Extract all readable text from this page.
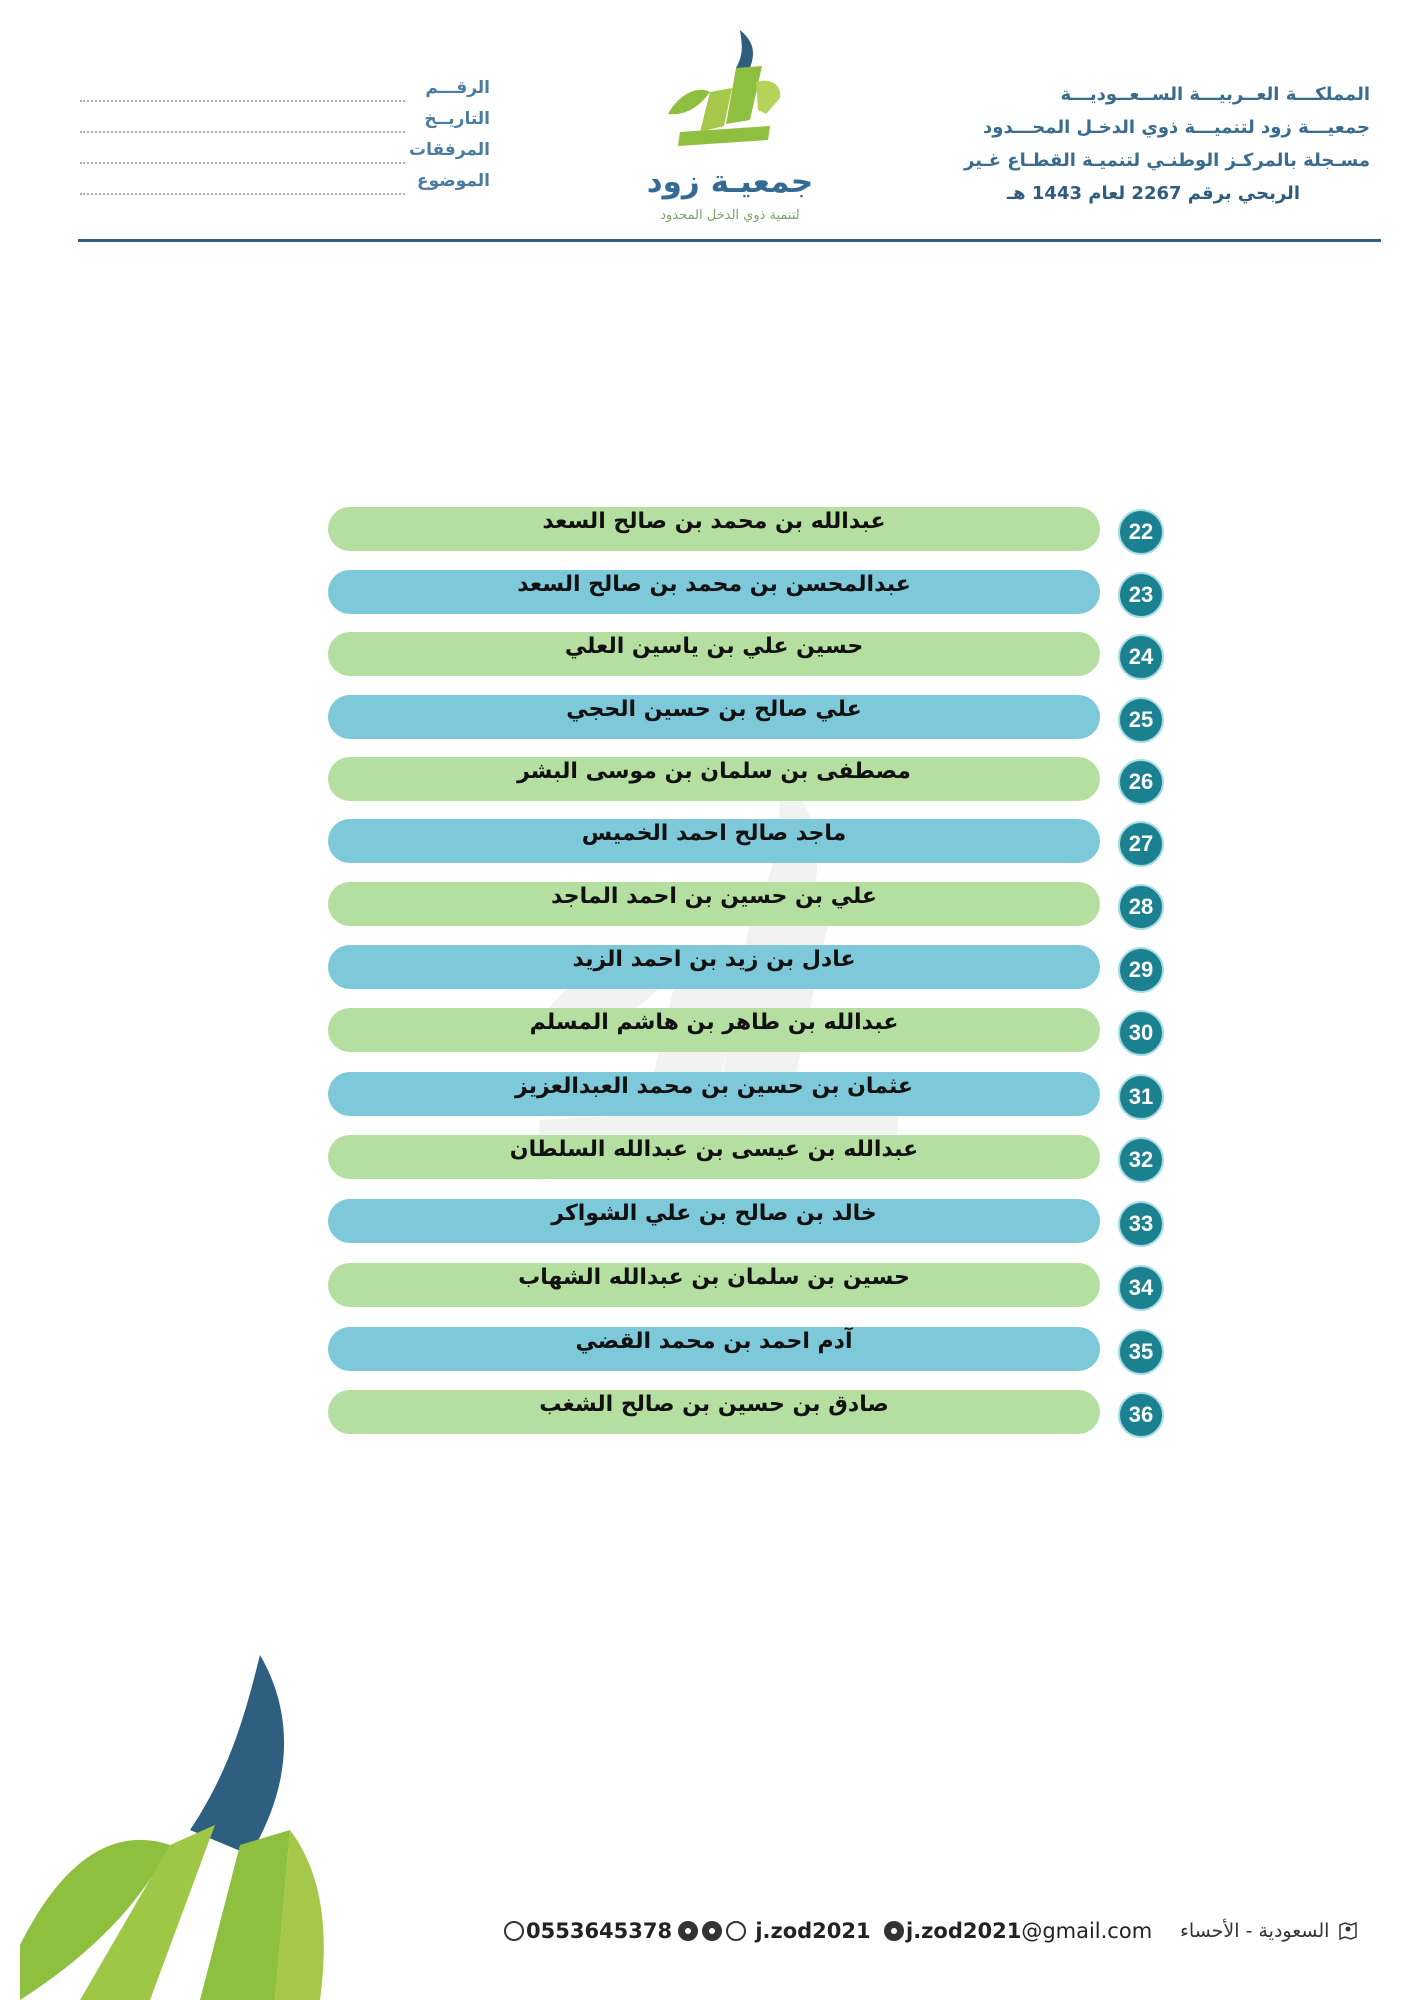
المملكـــة العــربيـــة الســعــوديـــة
جمعيـــة زود لتنميـــة ذوي الدخـل المحـــدود
مسـجلة بالمركـز الوطنـي لتنميـة القطـاع غـير
الربحي برقم 2267 لعام 1443 هـ
جمعيـة زود
لتنمية ذوي الدخل المحدود
الرقـــم
التاريــخ
المرفقات
الموضوع
عبدالله بن محمد بن صالح السعد	22
عبدالمحسن بن محمد بن صالح السعد	23
حسين علي بن ياسين العلي	24
علي صالح بن حسين الحجي	25
مصطفى بن سلمان بن موسى البشر	26
ماجد صالح احمد الخميس	27
علي بن حسين بن احمد الماجد	28
عادل بن زيد بن احمد الزيد	29
عبدالله بن طاهر بن هاشم المسلم	30
عثمان بن حسين بن محمد العبدالعزيز	31
عبدالله بن عيسى بن عبدالله السلطان	32
خالد بن صالح بن علي الشواكر	33
حسين بن سلمان بن عبدالله الشهاب	34
آدم احمد بن محمد القضي	35
صادق بن حسين بن صالح الشغب	36
0553645378	j.zod2021	j.zod2021@gmail.com السعودية - الأحساء
